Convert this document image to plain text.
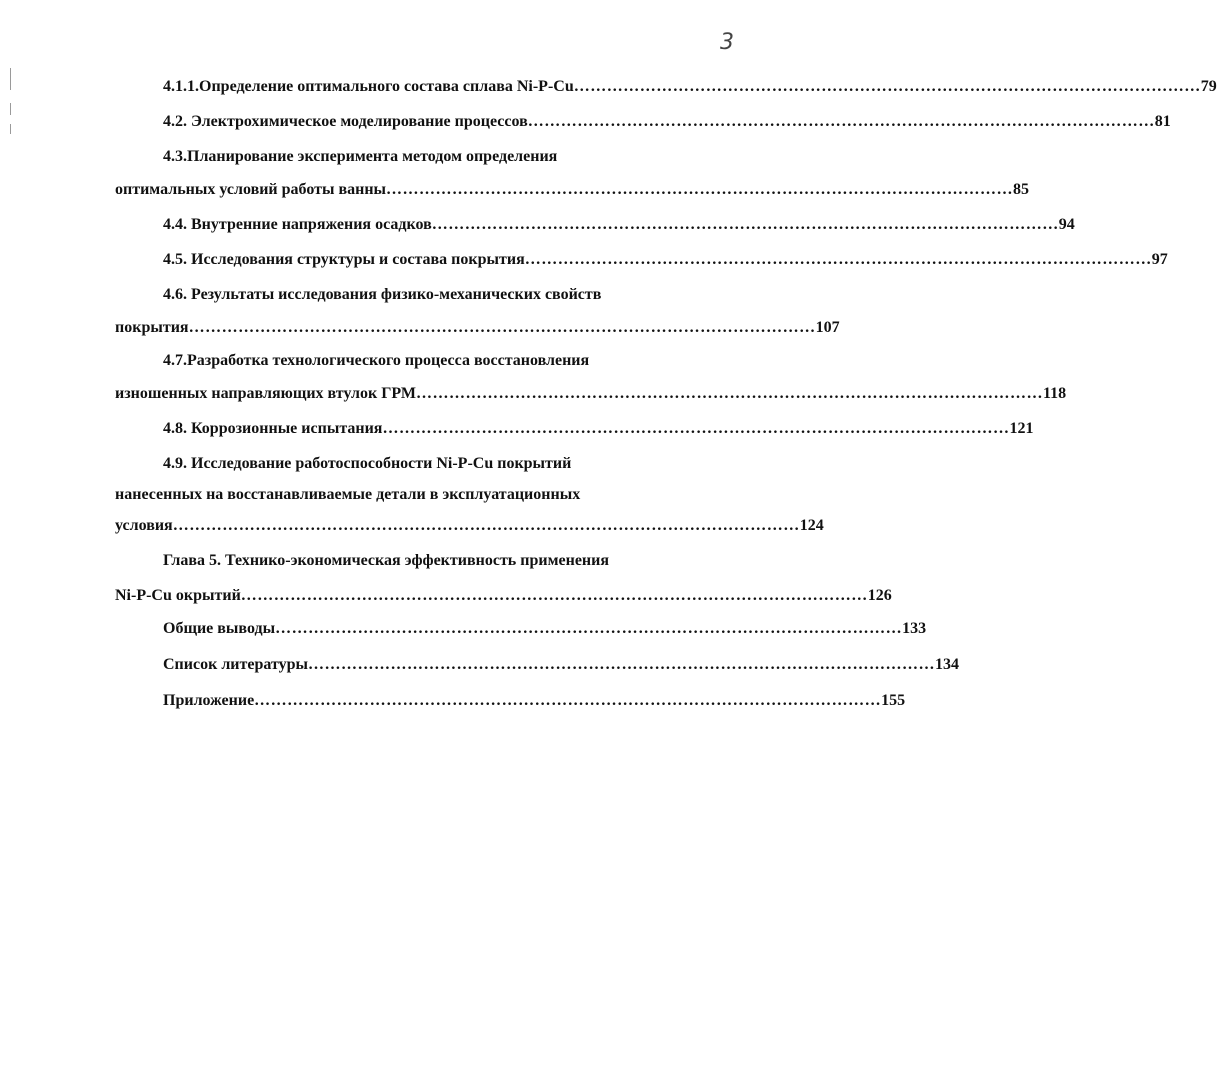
3
4.1.1.Определение оптимального состава сплава Ni-P-Cu …………………………………………………………………………………………………… 79
4.2. Электрохимическое моделирование процессов …………………………………………………………………………………………………… 81
4.3.Планирование эксперимента методом определения
оптимальных условий работы ванны …………………………………………………………………………………………………… 85
4.4. Внутренние напряжения осадков …………………………………………………………………………………………………… 94
4.5. Исследования структуры и состава покрытия …………………………………………………………………………………………………… 97
4.6. Результаты исследования физико-механических свойств
покрытия …………………………………………………………………………………………………… 107
4.7.Разработка технологического процесса восстановления
изношенных направляющих втулок ГРМ …………………………………………………………………………………………………… 118
4.8. Коррозионные испытания …………………………………………………………………………………………………… 121
4.9. Исследование работоспособности Ni-P-Cu покрытий
нанесенных на восстанавливаемые детали в эксплуатационных
условия …………………………………………………………………………………………………… 124
Глава 5. Технико-экономическая эффективность применения
Ni-P-Cu окрытий …………………………………………………………………………………………………… 126
Общие выводы …………………………………………………………………………………………………… 133
Список литературы …………………………………………………………………………………………………… 134
Приложение …………………………………………………………………………………………………… 155
